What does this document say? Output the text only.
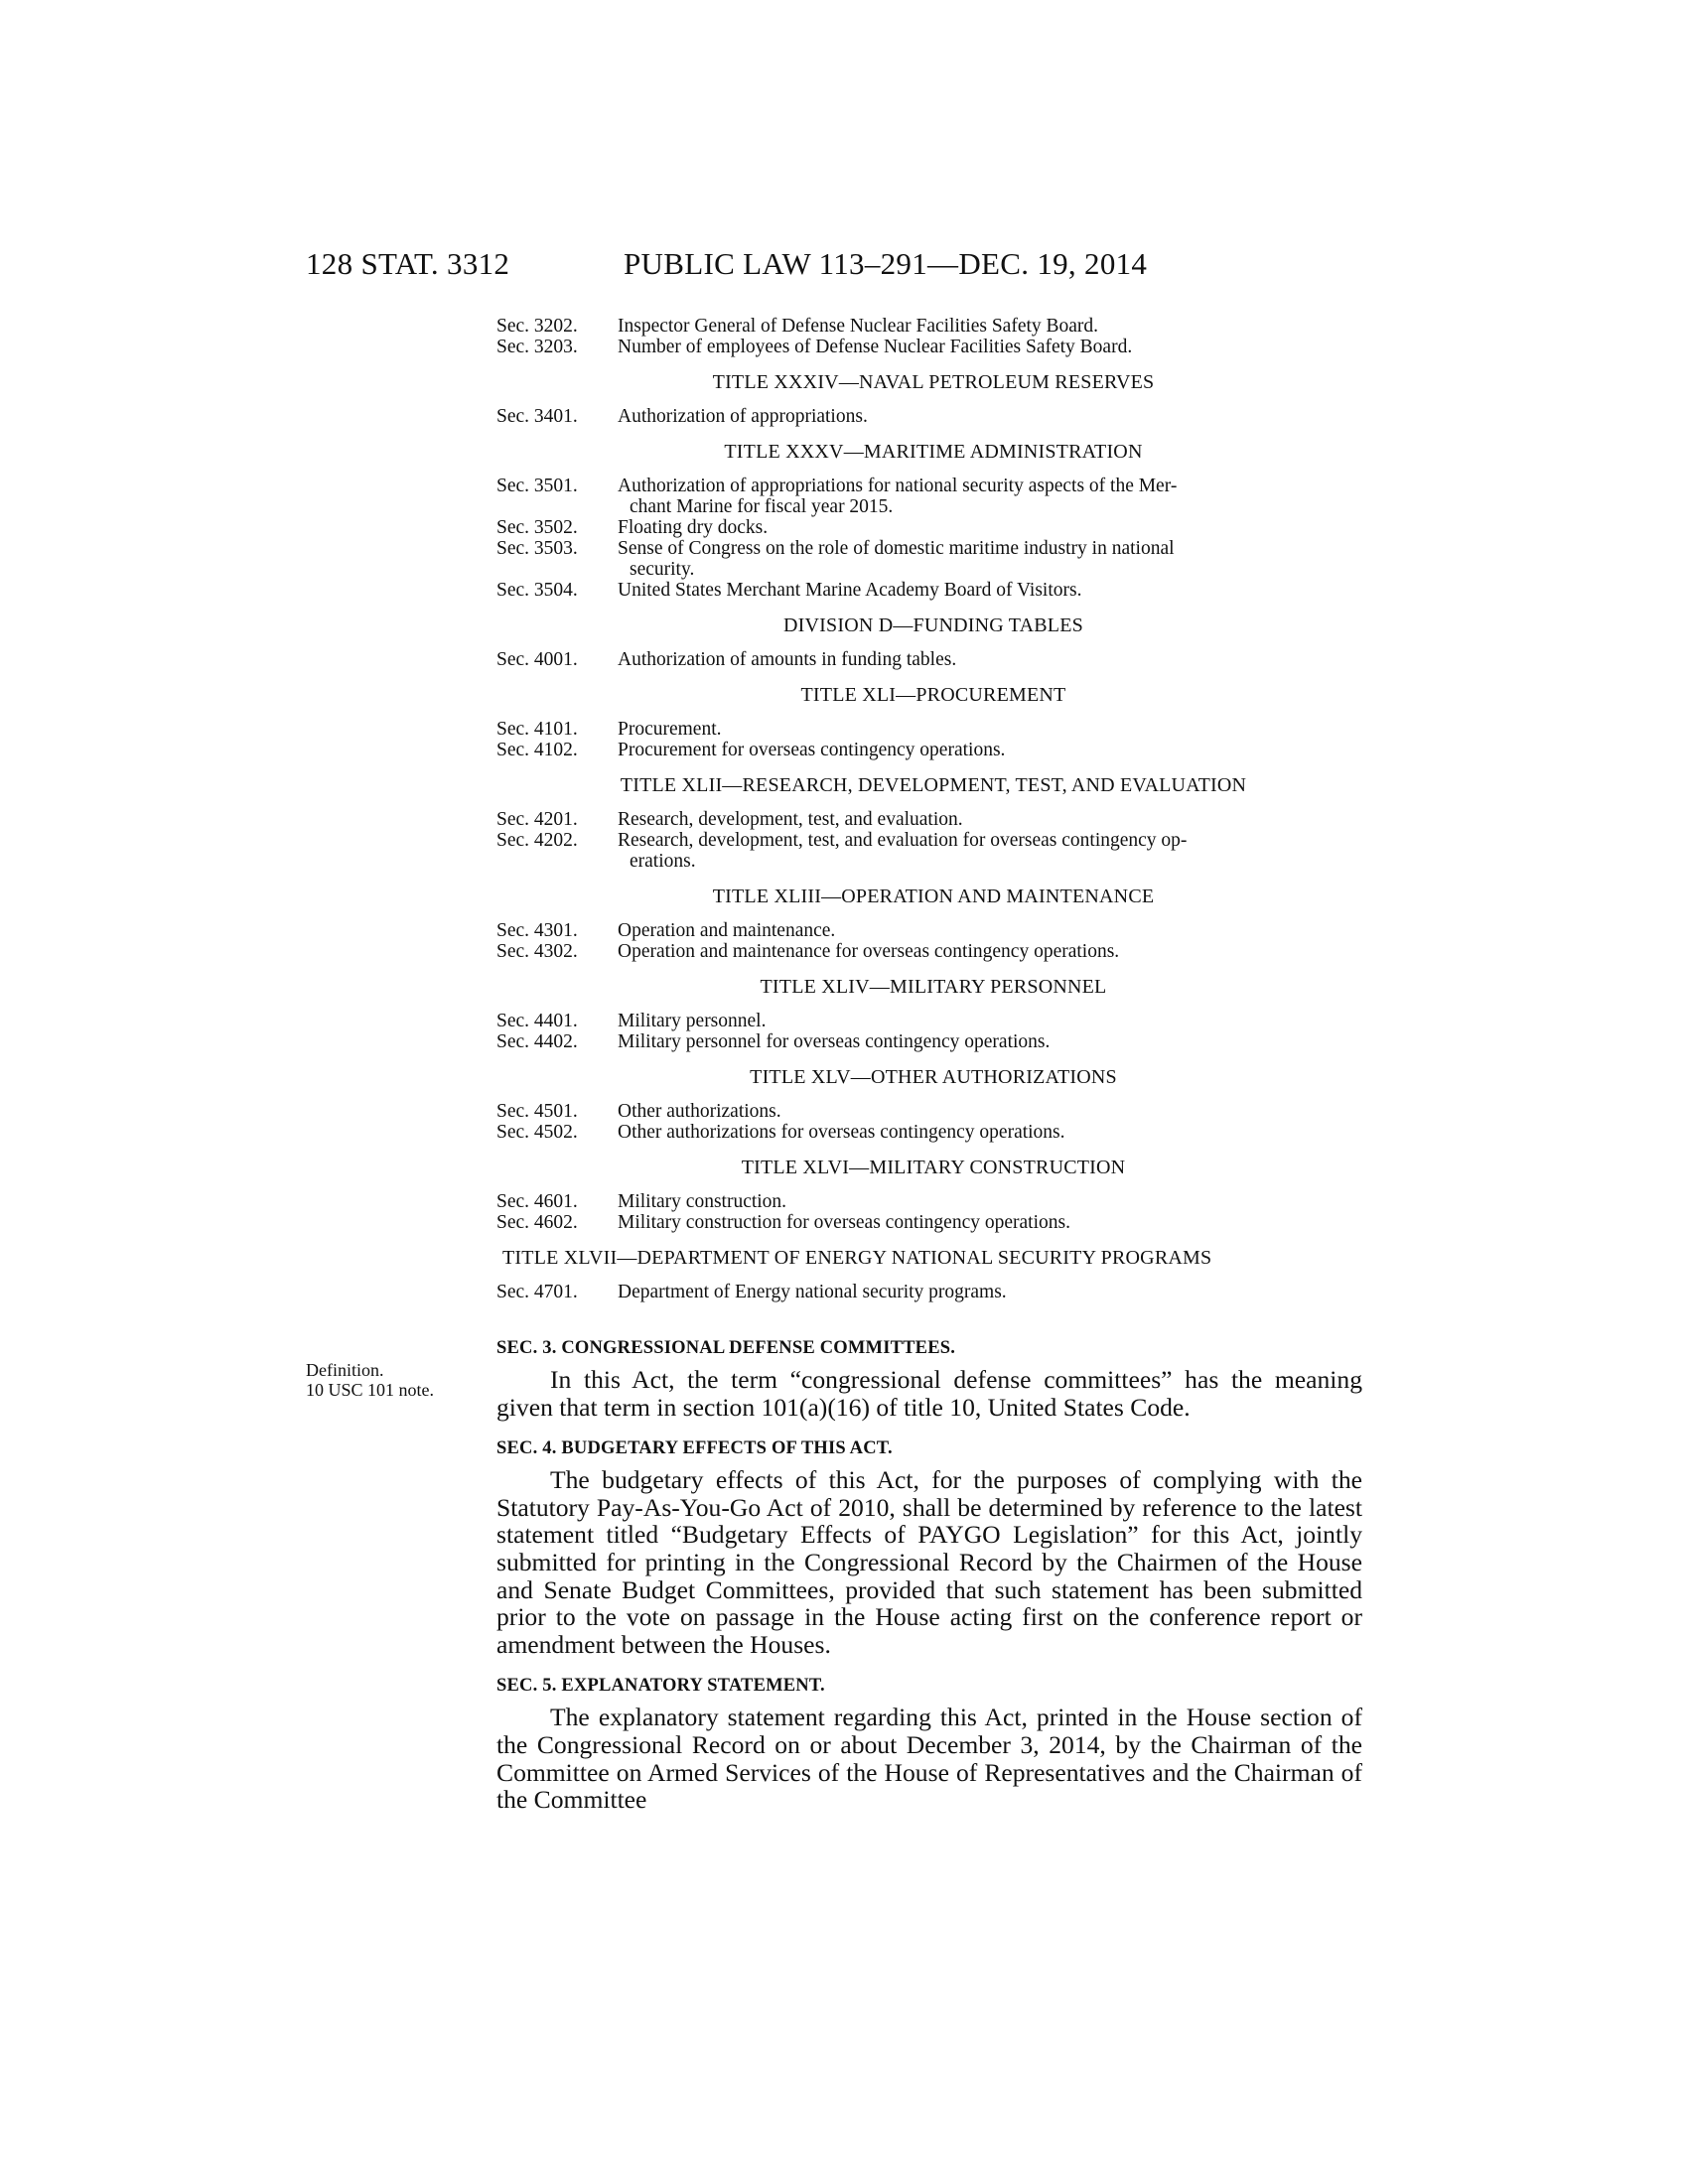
128 STAT. 3312	PUBLIC LAW 113–291—DEC. 19, 2014
Sec. 3202.	Inspector General of Defense Nuclear Facilities Safety Board.
Sec. 3203.	Number of employees of Defense Nuclear Facilities Safety Board.
TITLE XXXIV—NAVAL PETROLEUM RESERVES
Sec. 3401.	Authorization of appropriations.
TITLE XXXV—MARITIME ADMINISTRATION
Sec. 3501.	Authorization of appropriations for national security aspects of the Mer-
chant Marine for fiscal year 2015.
Sec. 3502.	Floating dry docks.
Sec. 3503.	Sense of Congress on the role of domestic maritime industry in national
security.
Sec. 3504.	United States Merchant Marine Academy Board of Visitors.
DIVISION D—FUNDING TABLES
Sec. 4001.	Authorization of amounts in funding tables.
TITLE XLI—PROCUREMENT
Sec. 4101.	Procurement.
Sec. 4102.	Procurement for overseas contingency operations.
TITLE XLII—RESEARCH, DEVELOPMENT, TEST, AND EVALUATION
Sec. 4201.	Research, development, test, and evaluation.
Sec. 4202.	Research, development, test, and evaluation for overseas contingency op-
erations.
TITLE XLIII—OPERATION AND MAINTENANCE
Sec. 4301.	Operation and maintenance.
Sec. 4302.	Operation and maintenance for overseas contingency operations.
TITLE XLIV—MILITARY PERSONNEL
Sec. 4401.	Military personnel.
Sec. 4402.	Military personnel for overseas contingency operations.
TITLE XLV—OTHER AUTHORIZATIONS
Sec. 4501.	Other authorizations.
Sec. 4502.	Other authorizations for overseas contingency operations.
TITLE XLVI—MILITARY CONSTRUCTION
Sec. 4601.	Military construction.
Sec. 4602.	Military construction for overseas contingency operations.
TITLE XLVII—DEPARTMENT OF ENERGY NATIONAL SECURITY PROGRAMS
Sec. 4701.	Department of Energy national security programs.
Definition.
10 USC 101 note.
SEC. 3. CONGRESSIONAL DEFENSE COMMITTEES.

In this Act, the term “congressional defense committees” has the meaning given that term in section 101(a)(16) of title 10, United States Code.

SEC. 4. BUDGETARY EFFECTS OF THIS ACT.

The budgetary effects of this Act, for the purposes of complying with the Statutory Pay-As-You-Go Act of 2010, shall be determined by reference to the latest statement titled “Budgetary Effects of PAYGO Legislation” for this Act, jointly submitted for printing in the Congressional Record by the Chairmen of the House and Senate Budget Committees, provided that such statement has been submitted prior to the vote on passage in the House acting first on the conference report or amendment between the Houses.

SEC. 5. EXPLANATORY STATEMENT.

The explanatory statement regarding this Act, printed in the House section of the Congressional Record on or about December 3, 2014, by the Chairman of the Committee on Armed Services of the House of Representatives and the Chairman of the Committee
